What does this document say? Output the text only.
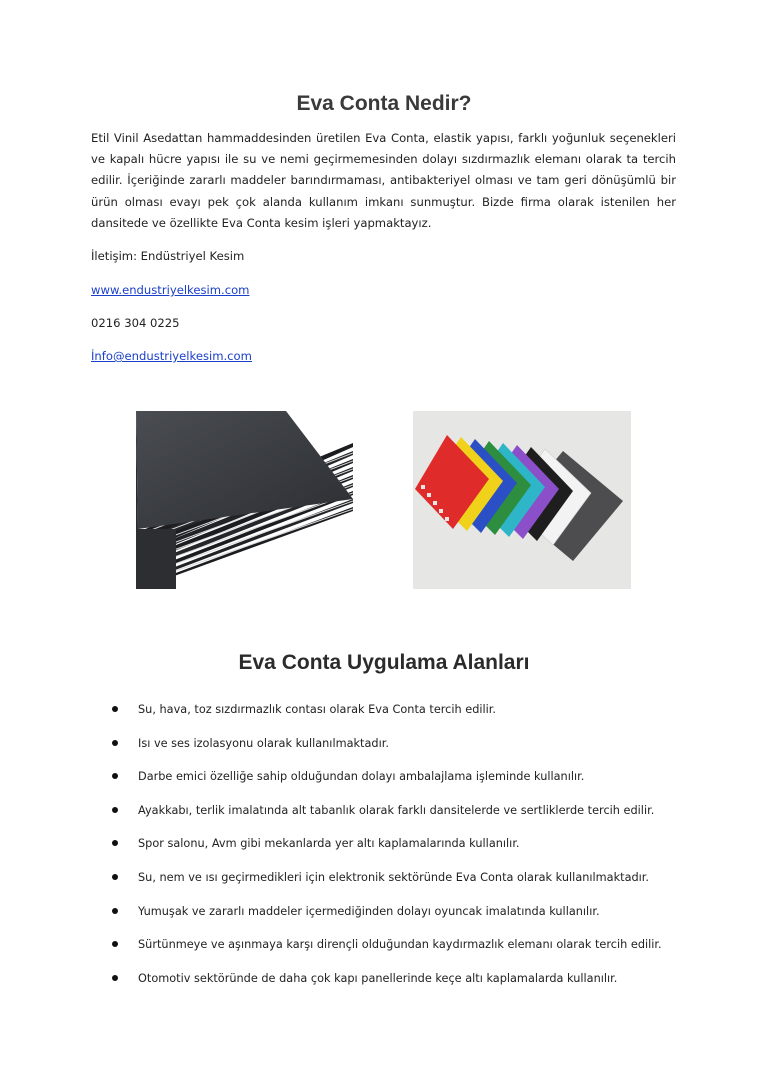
Eva Conta Nedir?

Etil Vinil Asedattan hammaddesinden üretilen Eva Conta, elastik yapısı, farklı yoğunluk seçenekleri ve kapalı hücre yapısı ile su ve nemi geçirmemesinden dolayı sızdırmazlık elemanı olarak ta tercih edilir. İçeriğinde zararlı maddeler barındırmaması, antibakteriyel olması ve tam geri dönüşümlü bir ürün olması evayı pek çok alanda kullanım imkanı sunmuştur. Bizde firma olarak istenilen her dansitede ve özellikte Eva Conta kesim işleri yapmaktayız.

İletişim: Endüstriyel Kesim

www.endustriyelkesim.com

0216 304 0225

İnfo@endustriyelkesim.com

Eva Conta Uygulama Alanları
Su, hava, toz sızdırmazlık contası olarak Eva Conta tercih edilir.
Isı ve ses izolasyonu olarak kullanılmaktadır.
Darbe emici özelliğe sahip olduğundan dolayı ambalajlama işleminde kullanılır.
Ayakkabı, terlik imalatında alt tabanlık olarak farklı dansitelerde ve sertliklerde tercih edilir.
Spor salonu, Avm gibi mekanlarda yer altı kaplamalarında kullanılır.
Su, nem ve ısı geçirmedikleri için elektronik sektöründe Eva Conta olarak kullanılmaktadır.
Yumuşak ve zararlı maddeler içermediğinden dolayı oyuncak imalatında kullanılır.
Sürtünmeye ve aşınmaya karşı dirençli olduğundan kaydırmazlık elemanı olarak tercih edilir.
Otomotiv sektöründe de daha çok kapı panellerinde keçe altı kaplamalarda kullanılır.
